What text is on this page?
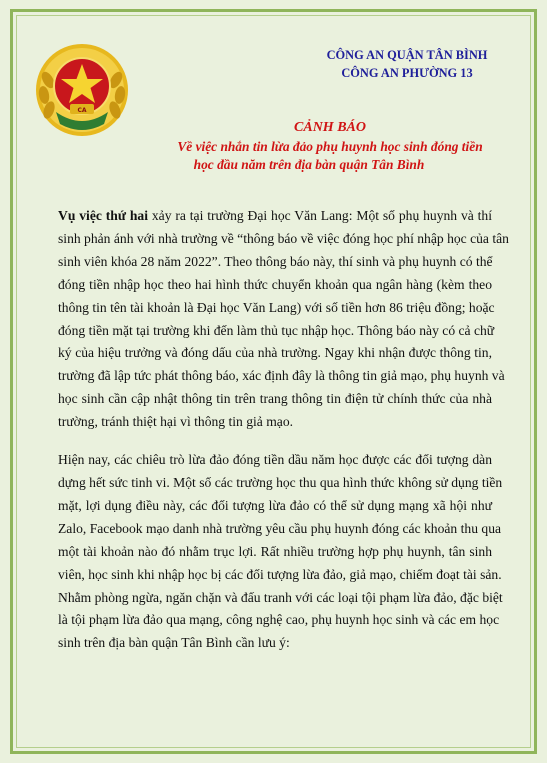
CA
CÔNG AN QUẬN TÂN BÌNH
CÔNG AN PHƯỜNG 13
CẢNH BÁO
Về việc nhắn tin lừa đảo phụ huynh học sinh đóng tiền
học đầu năm trên địa bàn quận Tân Bình

Vụ việc thứ hai xảy ra tại trường Đại học Văn Lang: Một số phụ huynh và thí
sinh phản ánh với nhà trường về “thông báo về việc đóng học phí nhập học của tân
sinh viên khóa 28 năm 2022”. Theo thông báo này, thí sinh và phụ huynh có thể
đóng tiền nhập học theo hai hình thức chuyển khoản qua ngân hàng (kèm theo
thông tin tên tài khoản là Đại học Văn Lang) với số tiền hơn 86 triệu đồng; hoặc
đóng tiền mặt tại trường khi đến làm thủ tục nhập học. Thông báo này có cả chữ
ký của hiệu trưởng và đóng dấu của nhà trường. Ngay khi nhận được thông tin,
trường đã lập tức phát thông báo, xác định đây là thông tin giả mạo, phụ huynh và
học sinh cần cập nhật thông tin trên trang thông tin điện tử chính thức của nhà
trường, tránh thiệt hại vì thông tin giả mạo.

Hiện nay, các chiêu trò lừa đảo đóng tiền dầu năm học được các đối tượng dàn
dựng hết sức tinh vi. Một số các trường học thu qua hình thức không sử dụng tiền
mặt, lợi dụng điều này, các đối tượng lừa đảo có thể sử dụng mạng xã hội như
Zalo, Facebook mạo danh nhà trường yêu cầu phụ huynh đóng các khoản thu qua
một tài khoản nào đó nhằm trục lợi. Rất nhiều trường hợp phụ huynh, tân sinh
viên, học sinh khi nhập học bị các đối tượng lừa đảo, giả mạo, chiếm đoạt tài sản.
Nhằm phòng ngừa, ngăn chặn và đấu tranh với các loại tội phạm lừa đảo, đặc biệt
là tội phạm lừa đảo qua mạng, công nghệ cao, phụ huynh học sinh và các em học
sinh trên địa bàn quận Tân Bình cần lưu ý:
